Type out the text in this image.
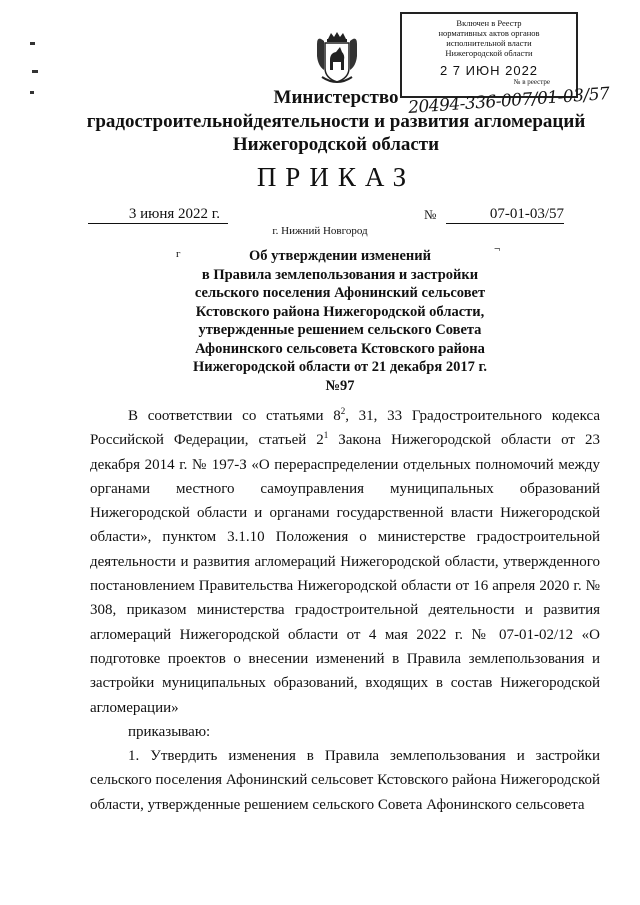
Включен в Реестр
нормативных актов органов
исполнительной власти
Нижегородской области
2 7 ИЮН 2022
№ в реестре
20494-336-007/01-03/57
Министерство
градостроительнойдеятельности и развития агломераций
Нижегородской области
ПРИКАЗ
3 июня 2022 г.	№	07-01-03/57
г. Нижний Новгород
г	¬
Об утверждении изменений
в Правила землепользования и застройки
сельского поселения Афонинский сельсовет
Кстовского района Нижегородской области,
утвержденные решением сельского Совета
Афонинского сельсовета Кстовского района
Нижегородской области от 21 декабря 2017 г.
№97

В соответствии со статьями $8^2$, 31, 33 Градостроительного кодекса Российской Федерации, статьей $2^1$ Закона Нижегородской области от 23 декабря 2014 г. № 197-З «О перераспределении отдельных полномочий между органами местного самоуправления муниципальных образований Нижегородской области и органами государственной власти Нижегородской области», пунктом 3.1.10 Положения о министерстве градостроительной деятельности и развития агломераций Нижегородской области, утвержденного постановлением Правительства Нижегородской области от 16 апреля 2020 г. № 308, приказом министерства градостроительной деятельности и развития агломераций Нижегородской области от 4 мая 2022 г. № 07-01-02/12 «О подготовке проектов о внесении изменений в Правила землепользования и застройки муниципальных образований, входящих в состав Нижегородской агломерации»

приказываю:

1. Утвердить изменения в Правила землепользования и застройки сельского поселения Афонинский сельсовет Кстовского района Нижегородской области, утвержденные решением сельского Совета Афонинского сельсовета
